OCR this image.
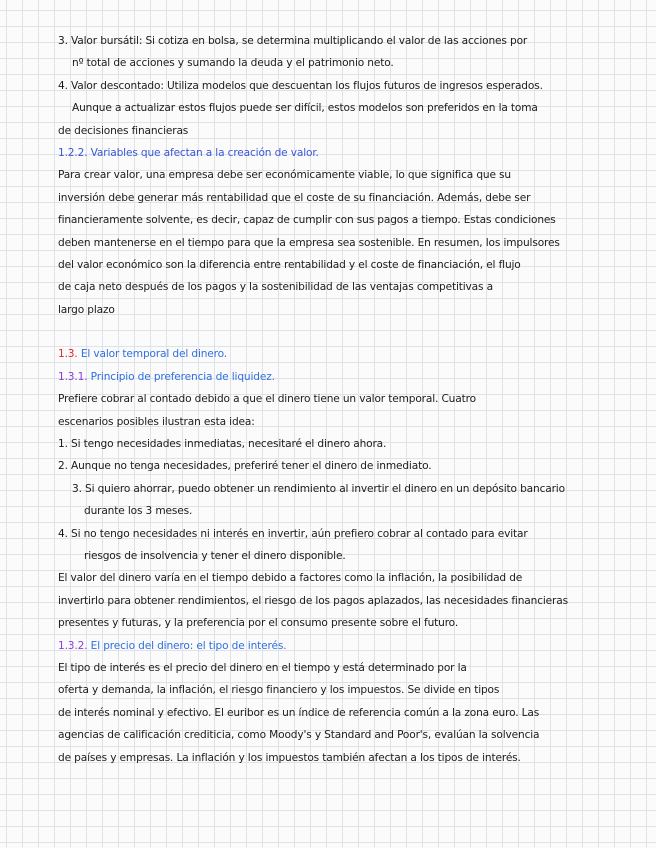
3. Valor bursátil: Si cotiza en bolsa, se determina multiplicando el valor de las acciones por
nº total de acciones y sumando la deuda y el patrimonio neto.
4. Valor descontado: Utiliza modelos que descuentan los flujos futuros de ingresos esperados.
Aunque a actualizar estos flujos puede ser difícil, estos modelos son preferidos en la toma
de decisiones financieras
1.2.2. Variables que afectan a la creación de valor.
Para crear valor, una empresa debe ser económicamente viable, lo que significa que su
inversión debe generar más rentabilidad que el coste de su financiación. Además, debe ser
financieramente solvente, es decir, capaz de cumplir con sus pagos a tiempo. Estas condiciones
deben mantenerse en el tiempo para que la empresa sea sostenible. En resumen, los impulsores
del valor económico son la diferencia entre rentabilidad y el coste de financiación, el flujo
de caja neto después de los pagos y la sostenibilidad de las ventajas competitivas a
largo plazo
1.3. El valor temporal del dinero.
1.3.1. Principio de preferencia de liquidez.
Prefiere cobrar al contado debido a que el dinero tiene un valor temporal. Cuatro
escenarios posibles ilustran esta idea:
1. Si tengo necesidades inmediatas, necesitaré el dinero ahora.
2. Aunque no tenga necesidades, preferiré tener el dinero de inmediato.
3. Si quiero ahorrar, puedo obtener un rendimiento al invertir el dinero en un depósito bancario
durante los 3 meses.
4. Si no tengo necesidades ni interés en invertir, aún prefiero cobrar al contado para evitar
riesgos de insolvencia y tener el dinero disponible.
El valor del dinero varía en el tiempo debido a factores como la inflación, la posibilidad de
invertirlo para obtener rendimientos, el riesgo de los pagos aplazados, las necesidades financieras
presentes y futuras, y la preferencia por el consumo presente sobre el futuro.
1.3.2. El precio del dinero: el tipo de interés.
El tipo de interés es el precio del dinero en el tiempo y está determinado por la
oferta y demanda, la inflación, el riesgo financiero y los impuestos. Se divide en tipos
de interés nominal y efectivo. El euribor es un índice de referencia común a la zona euro. Las
agencias de calificación crediticia, como Moody's y Standard and Poor's, evalúan la solvencia
de países y empresas. La inflación y los impuestos también afectan a los tipos de interés.
